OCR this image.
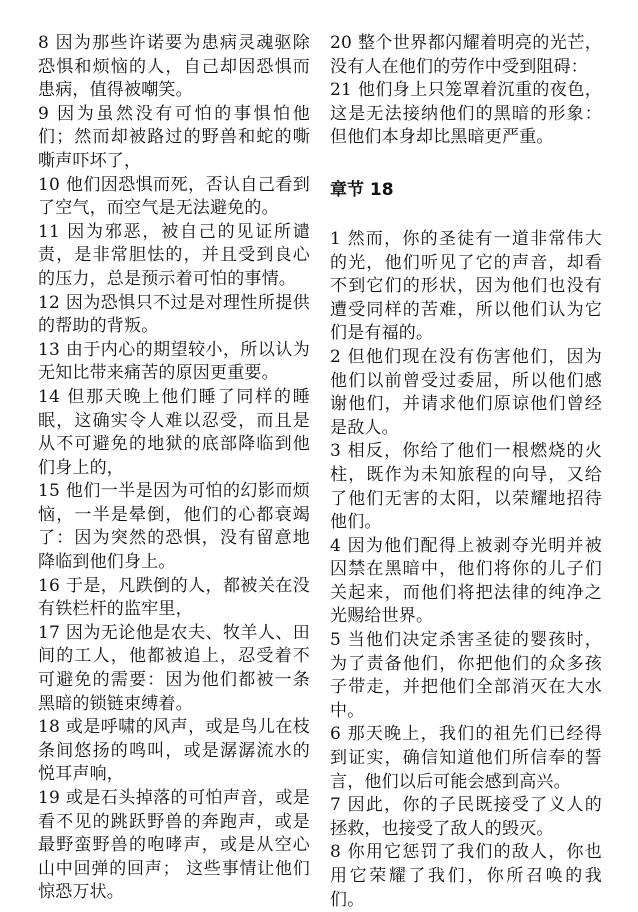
8 因为那些许诺要为患病灵魂驱除恐惧和烦恼的人，自己却因恐惧而患病，值得被嘲笑。

9 因为虽然没有可怕的事惧怕他们；然而却被路过的野兽和蛇的嘶嘶声吓坏了，

10 他们因恐惧而死，否认自己看到了空气，而空气是无法避免的。

11 因为邪恶，被自己的见证所谴责，是非常胆怯的，并且受到良心的压力，总是预示着可怕的事情。

12 因为恐惧只不过是对理性所提供的帮助的背叛。

13 由于内心的期望较小，所以认为无知比带来痛苦的原因更重要。

14 但那天晚上他们睡了同样的睡眠，这确实令人难以忍受，而且是从不可避免的地狱的底部降临到他们身上的，

15 他们一半是因为可怕的幻影而烦恼，一半是晕倒，他们的心都衰竭了：因为突然的恐惧，没有留意地降临到他们身上。

16 于是，凡跌倒的人，都被关在没有铁栏杆的监牢里，

17 因为无论他是农夫、牧羊人、田间的工人，他都被追上，忍受着不可避免的需要：因为他们都被一条黑暗的锁链束缚着。

18 或是呼啸的风声，或是鸟儿在枝条间悠扬的鸣叫，或是潺潺流水的悦耳声响，

19 或是石头掉落的可怕声音，或是看不见的跳跃野兽的奔跑声，或是最野蛮野兽的咆哮声，或是从空心山中回弹的回声； 这些事情让他们惊恐万状。

20 整个世界都闪耀着明亮的光芒，没有人在他们的劳作中受到阻碍：

21 他们身上只笼罩着沉重的夜色，这是无法接纳他们的黑暗的形象：但他们本身却比黑暗更严重。

章节 18

1 然而，你的圣徒有一道非常伟大的光，他们听见了它的声音，却看不到它们的形状，因为他们也没有遭受同样的苦难，所以他们认为它们是有福的。

2 但他们现在没有伤害他们，因为他们以前曾受过委屈，所以他们感谢他们，并请求他们原谅他们曾经是敌人。

3 相反，你给了他们一根燃烧的火柱，既作为未知旅程的向导，又给了他们无害的太阳，以荣耀地招待他们。

4 因为他们配得上被剥夺光明并被囚禁在黑暗中，他们将你的儿子们关起来，而他们将把法律的纯净之光赐给世界。

5 当他们决定杀害圣徒的婴孩时，为了责备他们，你把他们的众多孩子带走，并把他们全部消灭在大水中。

6 那天晚上，我们的祖先们已经得到证实，确信知道他们所信奉的誓言，他们以后可能会感到高兴。

7 因此，你的子民既接受了义人的拯救，也接受了敌人的毁灭。

8 你用它惩罚了我们的敌人，你也用它荣耀了我们，你所召唤的我们。
